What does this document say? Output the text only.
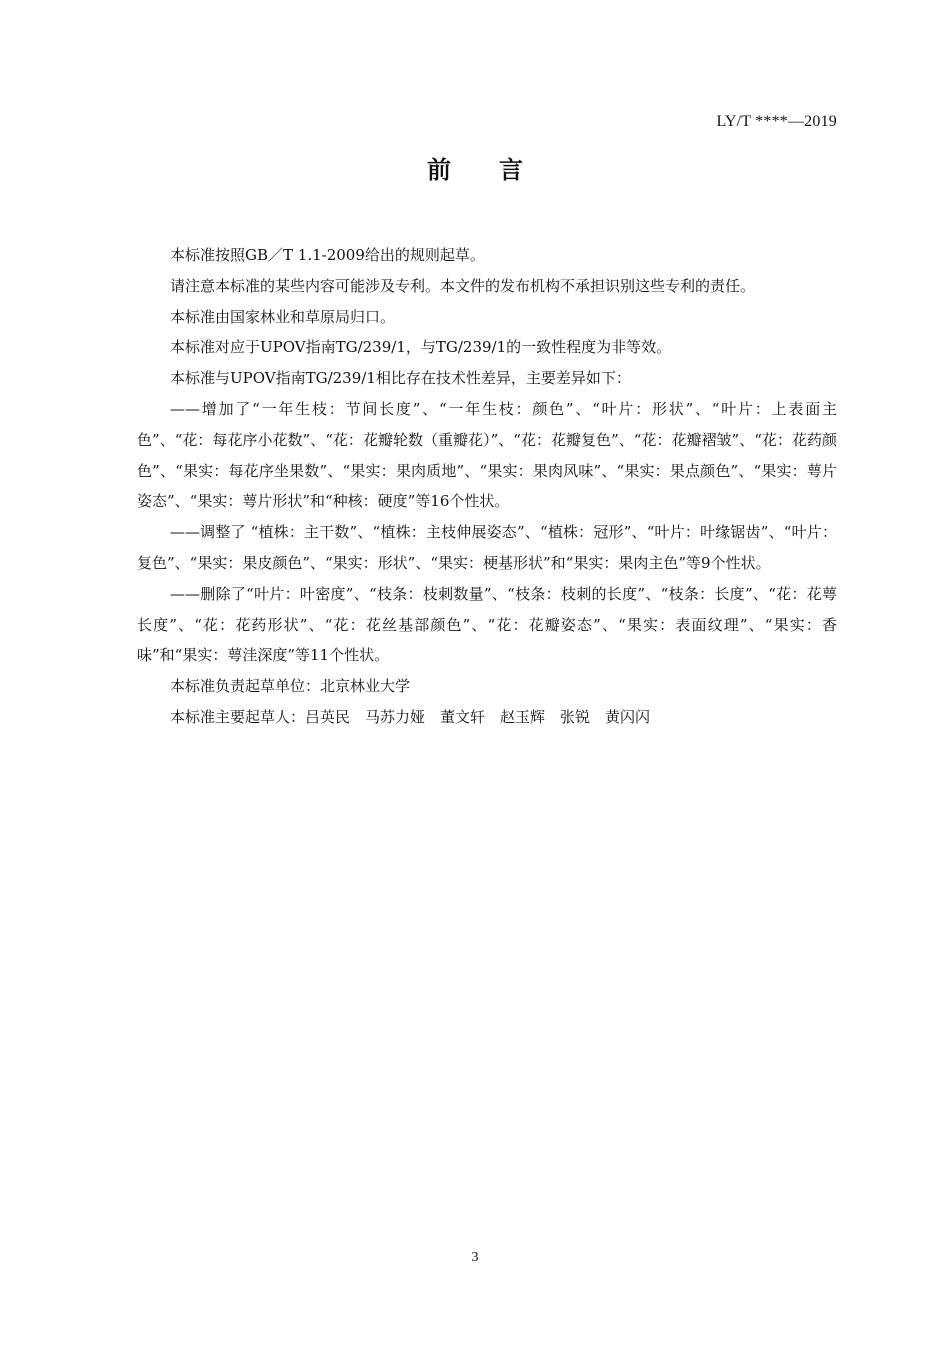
LY/T ****—2019
前　　言

本标准按照GB／T 1.1-2009给出的规则起草。

请注意本标准的某些内容可能涉及专利。本文件的发布机构不承担识别这些专利的责任。

本标准由国家林业和草原局归口。

本标准对应于UPOV指南TG/239/1，与TG/239/1的一致性程度为非等效。

本标准与UPOV指南TG/239/1相比存在技术性差异，主要差异如下：

——增加了“一年生枝：节间长度”、“一年生枝：颜色”、“叶片：形状”、“叶片：上表面主色”、“花：每花序小花数”、“花：花瓣轮数（重瓣花）”、“花：花瓣复色”、“花：花瓣褶皱”、“花：花药颜色”、“果实：每花序坐果数”、“果实：果肉质地”、“果实：果肉风味”、“果实：果点颜色”、“果实：萼片姿态”、“果实：萼片形状”和“种核：硬度”等16个性状。

——调整了 “植株：主干数”、“植株：主枝伸展姿态”、“植株：冠形”、“叶片：叶缘锯齿”、“叶片：复色”、“果实：果皮颜色”、“果实：形状”、“果实：梗基形状”和“果实：果肉主色”等9个性状。

——删除了“叶片：叶密度”、“枝条：枝刺数量”、“枝条：枝刺的长度”、“枝条：长度”、“花：花萼长度”、“花：花药形状”、“花：花丝基部颜色”、“花：花瓣姿态”、“果实：表面纹理”、“果实：香味”和“果实：萼洼深度”等11个性状。

本标准负责起草单位：北京林业大学

本标准主要起草人：吕英民　马苏力娅　董文轩　赵玉辉　张锐　黄闪闪

3
